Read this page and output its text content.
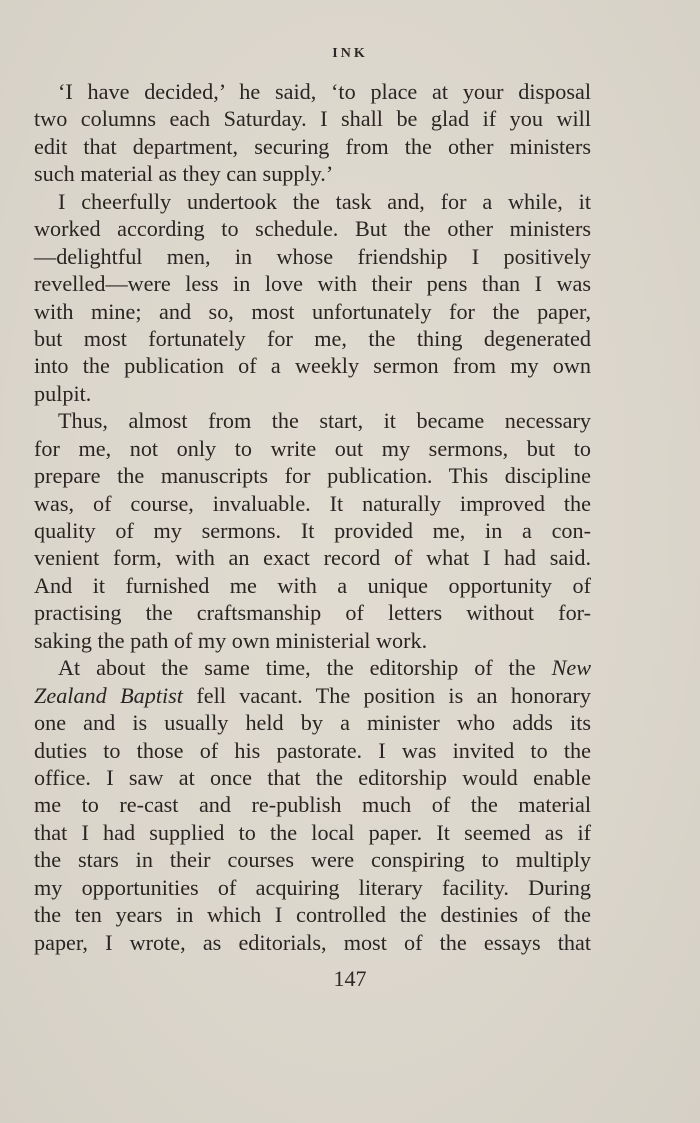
INK
‘I have decided,’ he said, ‘to place at your disposal
two columns each Saturday. I shall be glad if you will
edit that department, securing from the other ministers
such material as they can supply.’
I cheerfully undertook the task and, for a while, it
worked according to schedule. But the other ministers
—delightful men, in whose friendship I positively
revelled—were less in love with their pens than I was
with mine; and so, most unfortunately for the paper,
but most fortunately for me, the thing degenerated
into the publication of a weekly sermon from my own
pulpit.
Thus, almost from the start, it became necessary
for me, not only to write out my sermons, but to
prepare the manuscripts for publication. This discipline
was, of course, invaluable. It naturally improved the
quality of my sermons. It provided me, in a con-
venient form, with an exact record of what I had said.
And it furnished me with a unique opportunity of
practising the craftsmanship of letters without for-
saking the path of my own ministerial work.
At about the same time, the editorship of the New
Zealand Baptist fell vacant. The position is an honorary
one and is usually held by a minister who adds its
duties to those of his pastorate. I was invited to the
office. I saw at once that the editorship would enable
me to re-cast and re-publish much of the material
that I had supplied to the local paper. It seemed as if
the stars in their courses were conspiring to multiply
my opportunities of acquiring literary facility. During
the ten years in which I controlled the destinies of the
paper, I wrote, as editorials, most of the essays that
147
